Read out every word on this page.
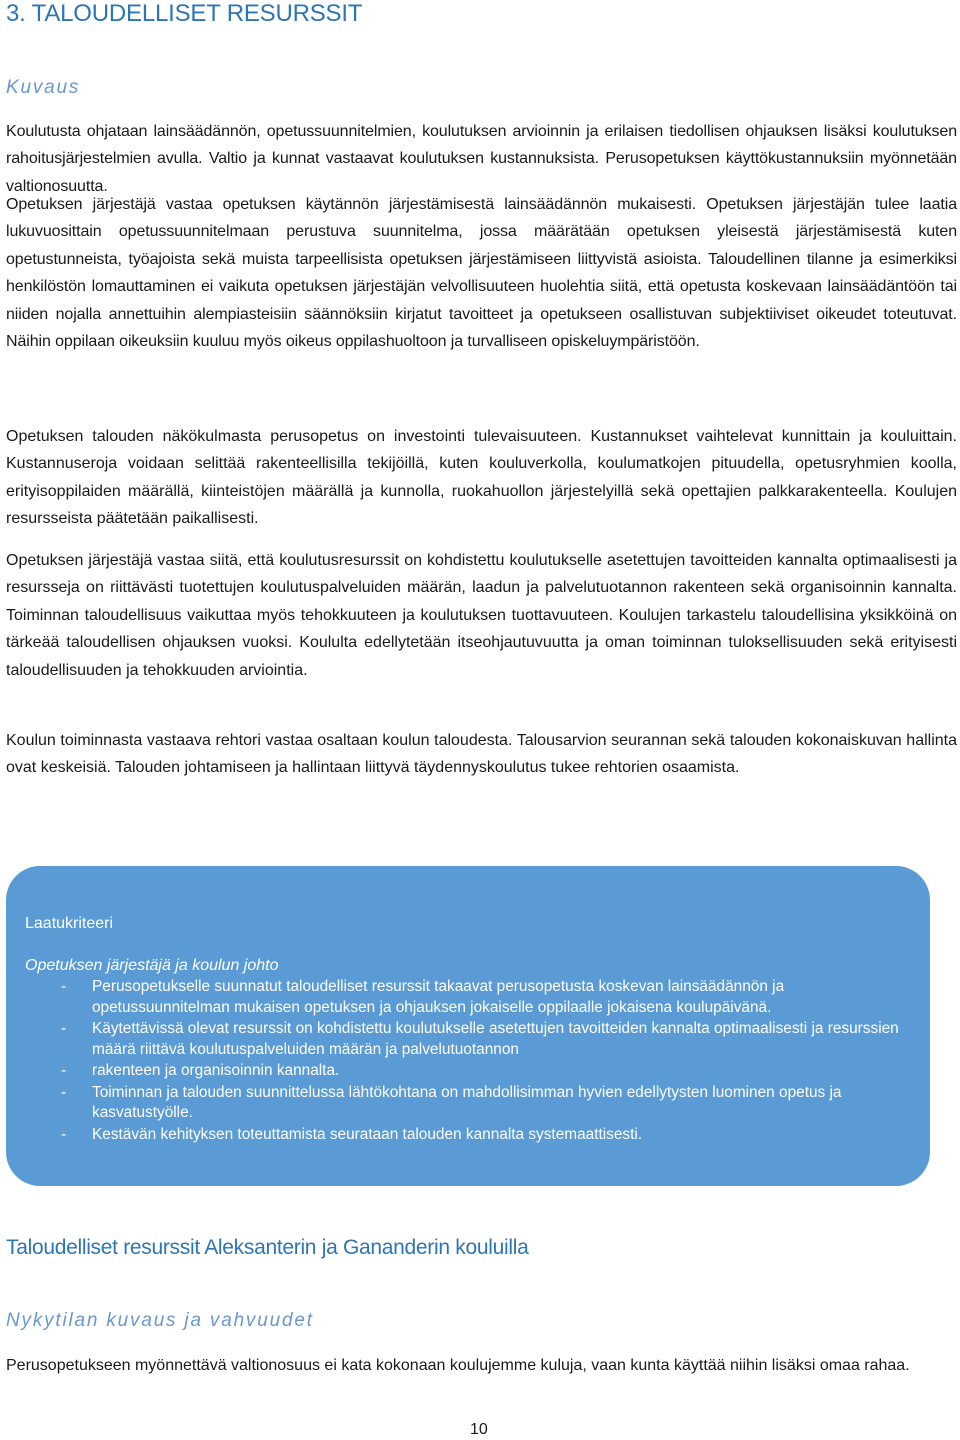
3. TALOUDELLISET RESURSSIT
Kuvaus
Koulutusta ohjataan lainsäädännön, opetussuunnitelmien, koulutuksen arvioinnin ja erilaisen tiedollisen ohjauksen lisäksi koulutuksen rahoitusjärjestelmien avulla. Valtio ja kunnat vastaavat koulutuksen kustannuksista. Perusopetuksen käyttökustannuksiin myönnetään valtionosuutta.
Opetuksen järjestäjä vastaa opetuksen käytännön järjestämisestä lainsäädännön mukaisesti. Opetuksen järjestäjän tulee laatia lukuvuosittain opetussuunnitelmaan perustuva suunnitelma, jossa määrätään opetuksen yleisestä järjestämisestä kuten opetustunneista, työajoista sekä muista tarpeellisista opetuksen järjestämiseen liittyvistä asioista. Taloudellinen tilanne ja esimerkiksi henkilöstön lomauttaminen ei vaikuta opetuksen järjestäjän velvollisuuteen huolehtia siitä, että opetusta koskevaan lainsäädäntöön tai niiden nojalla annettuihin alempiasteisiin säännöksiin kirjatut tavoitteet ja opetukseen osallistuvan subjektiiviset oikeudet toteutuvat. Näihin oppilaan oikeuksiin kuuluu myös oikeus oppilashuoltoon ja turvalliseen opiskeluympäristöön.
Opetuksen talouden näkökulmasta perusopetus on investointi tulevaisuuteen. Kustannukset vaihtelevat kunnittain ja kouluittain. Kustannuseroja voidaan selittää rakenteellisilla tekijöillä, kuten kouluverkolla, koulumatkojen pituudella, opetusryhmien koolla, erityisoppilaiden määrällä, kiinteistöjen määrällä ja kunnolla, ruokahuollon järjestelyillä sekä opettajien palkkarakenteella. Koulujen resursseista päätetään paikallisesti.
Opetuksen järjestäjä vastaa siitä, että koulutusresurssit on kohdistettu koulutukselle asetettujen tavoitteiden kannalta optimaalisesti ja resursseja on riittävästi tuotettujen koulutuspalveluiden määrän, laadun ja palvelutuotannon rakenteen sekä organisoinnin kannalta. Toiminnan taloudellisuus vaikuttaa myös tehokkuuteen ja koulutuksen tuottavuuteen. Koulujen tarkastelu taloudellisina yksikköinä on tärkeää taloudellisen ohjauksen vuoksi. Koululta edellytetään itseohjautuvuutta ja oman toiminnan tuloksellisuuden sekä erityisesti taloudellisuuden ja tehokkuuden arviointia.
Koulun toiminnasta vastaava rehtori vastaa osaltaan koulun taloudesta. Talousarvion seurannan sekä talouden kokonaiskuvan hallinta ovat keskeisiä. Talouden johtamiseen ja hallintaan liittyvä täydennyskoulutus tukee rehtorien osaamista.
Laatukriteeri
Opetuksen järjestäjä ja koulun johto
- Perusopetukselle suunnatut taloudelliset resurssit takaavat perusopetusta koskevan lainsäädännön ja opetussuunnitelman mukaisen opetuksen ja ohjauksen jokaiselle oppilaalle jokaisena koulupäivänä.
- Käytettävissä olevat resurssit on kohdistettu koulutukselle asetettujen tavoitteiden kannalta optimaalisesti ja resurssien määrä riittävä koulutuspalveluiden määrän ja palvelutuotannon
- rakenteen ja organisoinnin kannalta.
- Toiminnan ja talouden suunnittelussa lähtökohtana on mahdollisimman hyvien edellytysten luominen opetus ja kasvatustyölle.
- Kestävän kehityksen toteuttamista seurataan talouden kannalta systemaattisesti.
Taloudelliset resurssit Aleksanterin ja Gananderin kouluilla
Nykytilan kuvaus ja vahvuudet
Perusopetukseen myönnettävä valtionosuus ei kata kokonaan koulujemme kuluja, vaan kunta käyttää niihin lisäksi omaa rahaa.
10
